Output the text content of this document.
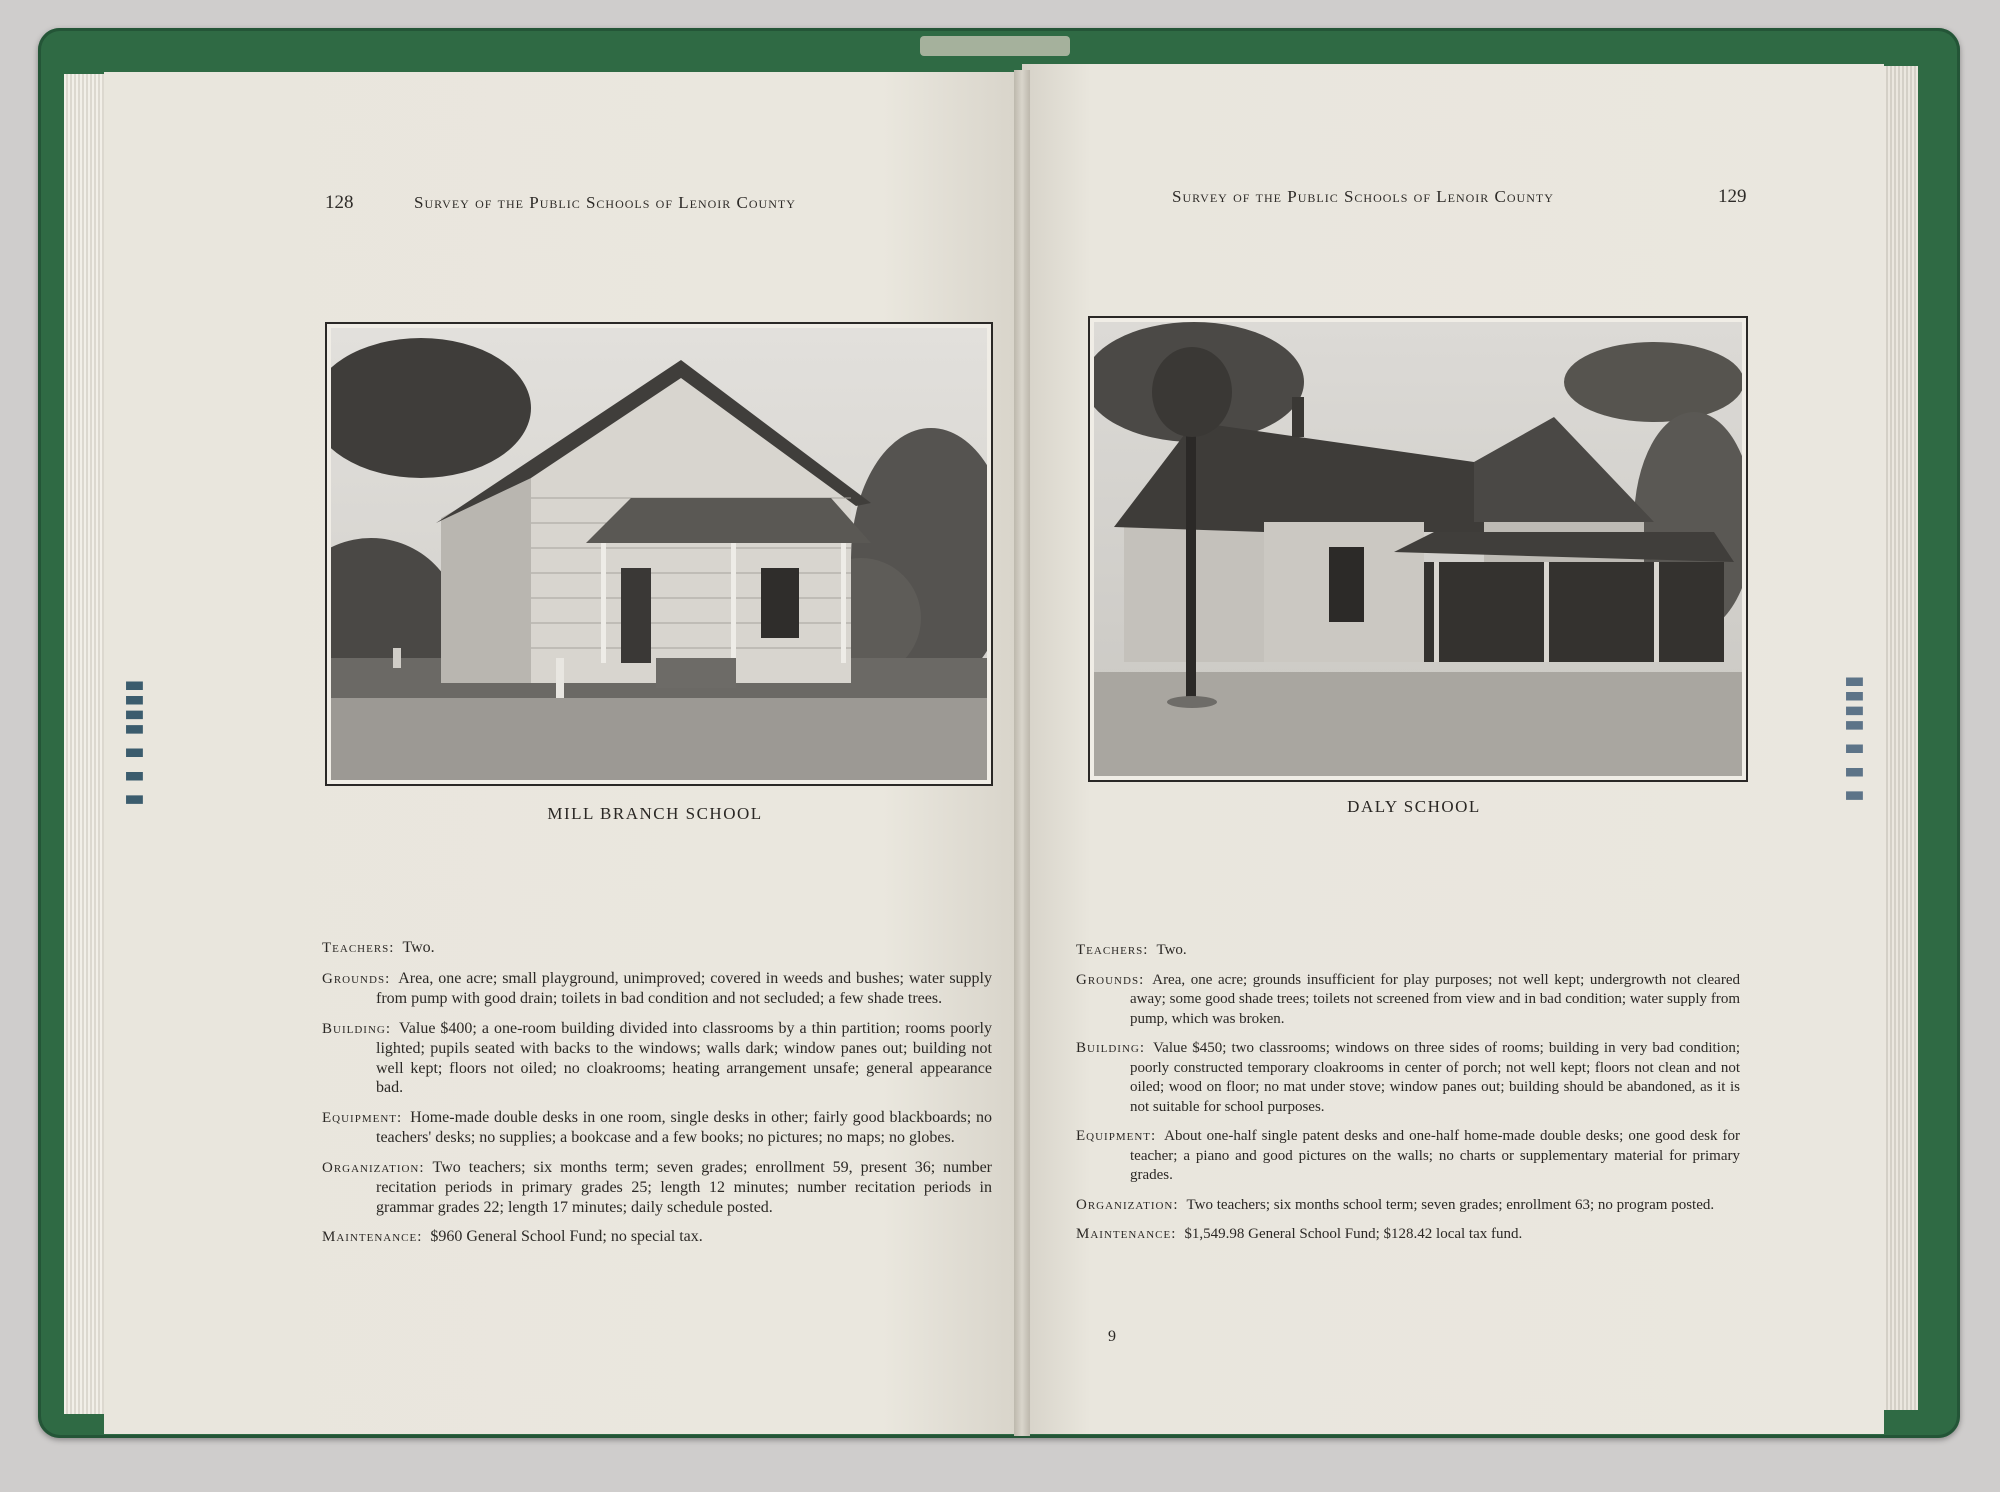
128	Survey of the Public Schools of Lenoir County
MILL BRANCH SCHOOL

Teachers: Two.

Grounds: Area, one acre; small playground, unimproved; covered in weeds and bushes; water supply from pump with good drain; toilets in bad condition and not secluded; a few shade trees.

Building: Value $400; a one-room building divided into classrooms by a thin partition; rooms poorly lighted; pupils seated with backs to the windows; walls dark; window panes out; building not well kept; floors not oiled; no cloakrooms; heating arrangement unsafe; general appearance bad.

Equipment: Home-made double desks in one room, single desks in other; fairly good blackboards; no teachers' desks; no supplies; a bookcase and a few books; no pictures; no maps; no globes.

Organization: Two teachers; six months term; seven grades; enrollment 59, present 36; number recitation periods in primary grades 25; length 12 minutes; number recitation periods in grammar grades 22; length 17 minutes; daily schedule posted.

Maintenance: $960 General School Fund; no special tax.

Survey of the Public Schools of Lenoir County	129
DALY SCHOOL

Teachers: Two.

Grounds: Area, one acre; grounds insufficient for play purposes; not well kept; undergrowth not cleared away; some good shade trees; toilets not screened from view and in bad condition; water supply from pump, which was broken.

Building: Value $450; two classrooms; windows on three sides of rooms; building in very bad condition; poorly constructed temporary cloakrooms in center of porch; not well kept; floors not clean and not oiled; wood on floor; no mat under stove; window panes out; building should be abandoned, as it is not suitable for school purposes.

Equipment: About one-half single patent desks and one-half home-made double desks; one good desk for teacher; a piano and good pictures on the walls; no charts or supplementary material for primary grades.

Organization: Two teachers; six months school term; seven grades; enrollment 63; no program posted.

Maintenance: $1,549.98 General School Fund; $128.42 local tax fund.

9
▮▮▮▮ ▮ ▮ ▮	▮▮▮▮ ▮ ▮ ▮
